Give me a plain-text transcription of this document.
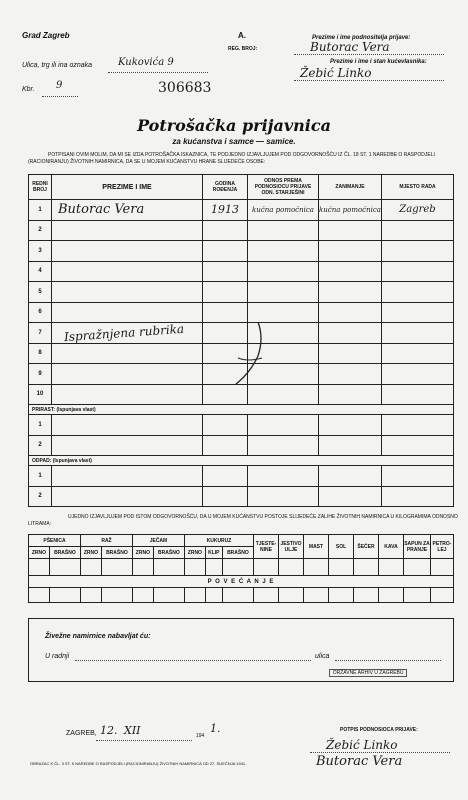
Grad Zagreb	A.
REG. BROJ:
Ulica, trg ili ina oznaka	Kukovića 9
Kbr. 9	306683
Prezime i ime podnositelja prijave:
Butorac Vera
Prezime i ime i stan kućevlasnika:
Žebić Linko
Potrošačka prijavnica
za kućanstva i samce — samice.
POTPISANI OVIM MOLIM, DA MI SE IZDA POTROŠAČKA ISKAZNICA, TE PODJEDNO IZJAVLJUJEM POD ODGOVORNOŠĆU IZ ČL. 18 ST. 1 NAREDBE O RASPODJELI (RACIONIRANJU) ŽIVOTNIH NAMIRNICA, DA SE U MOJEM KUĆANSTVU HRANE SLIJEDEĆE OSOBE:
REDNI BROJ	PREZIME I IME	GODINA ROĐENJA	ODNOS PREMA PODNOSIOCU PRIJAVE ODN. STARJEŠINI	ZANIMANJE	MJESTO RADA
1	Butorac Vera	1913	kućna pomoćnica	kućna pomoćnica	Zagreb
2					
3					
4					
5					
6					
7					
8					
9					
10					
PRIRAST: (Ispunjava vlast)					
1					
2					
ODPAD: (Ispunjava vlast)					
1					
2					
Ispražnjena rubrika
UJEDNO IZJAVLJUJEM POD ISTOM ODGOVORNOŠĆU, DA U MOJEM KUĆANSTVU POSTOJE SLIJEDEĆE ZALIHE ŽIVOTNIH NAMIRNICA U KILOGRAMIMA ODNOSNO LITRAMA:
PŠENICA		RAŽ		JEČAM		KUKURUZ			TJESTE-NINE	JESTIVO ULJE	MAST	SOL	ŠEĆER	KAVA	SAPUN ZA PRANJE	PETRO-LEJ
ZRNO	BRAŠNO	ZRNO	BRAŠNO	ZRNO	BRAŠNO	ZRNO	KLIP	BRAŠNO								

P O V E Ć A N J E																

Živežne namirnice nabavljat ću:
U radnji	ulica
DRŽAVNE ARHIV U ZAGREBU
ZAGREB, 12. XII	194
1.	POTPIS PODNOSIOCA PRIJAVE:
Žebić Linko
Butorac Vera
OBRAZAC K ČL. 3 ST. 5 NAREDBE O RASPODJELI (RACIONIRANJU) ŽIVOTNIH NAMIRNICA OD 27. SIJEČNJA 1941.
